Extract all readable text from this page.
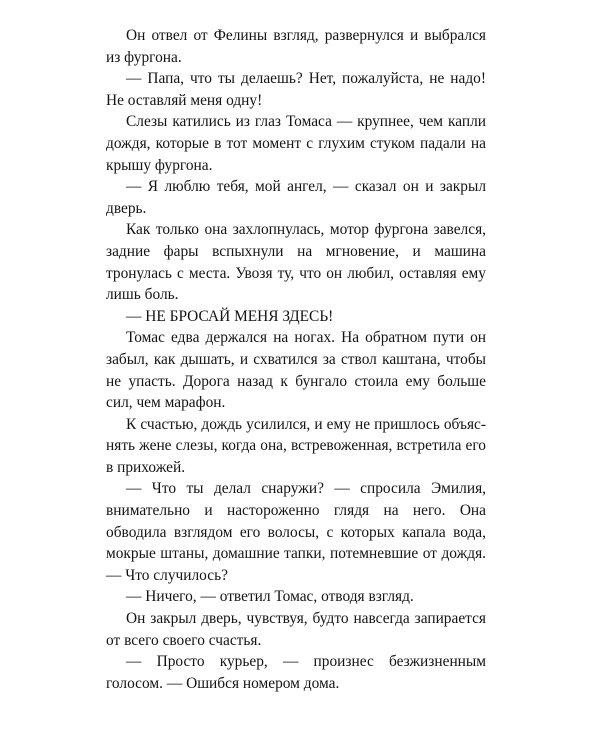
Он отвел от Фелины взгляд, развернулся и выбрался из фургона.

— Папа, что ты делаешь? Нет, пожалуйста, не надо! Не оставляй меня одну!

Слезы катились из глаз Томаса — крупнее, чем капли дождя, которые в тот момент с глухим стуком падали на крышу фургона.

— Я люблю тебя, мой ангел, — сказал он и закрыл дверь.

Как только она захлопнулась, мотор фургона завелся, задние фары вспыхнули на мгновение, и машина тронулась с места. Увозя ту, что он любил, оставляя ему лишь боль.

— НЕ БРОСАЙ МЕНЯ ЗДЕСЬ!

Томас едва держался на ногах. На обратном пути он забыл, как дышать, и схватился за ствол каштана, чтобы не упасть. Дорога назад к бунгало стоила ему больше сил, чем марафон.

К счастью, дождь усилился, и ему не пришлось объяснять жене слезы, когда она, встревоженная, встретила его в прихожей.

— Что ты делал снаружи? — спросила Эмилия, внимательно и настороженно глядя на него. Она обводила взглядом его волосы, с которых капала вода, мокрые штаны, домашние тапки, потемневшие от дождя. — Что случилось?

— Ничего, — ответил Томас, отводя взгляд.

Он закрыл дверь, чувствуя, будто навсегда запирается от всего своего счастья.

— Просто курьер, — произнес безжизненным голосом. — Ошибся номером дома.
